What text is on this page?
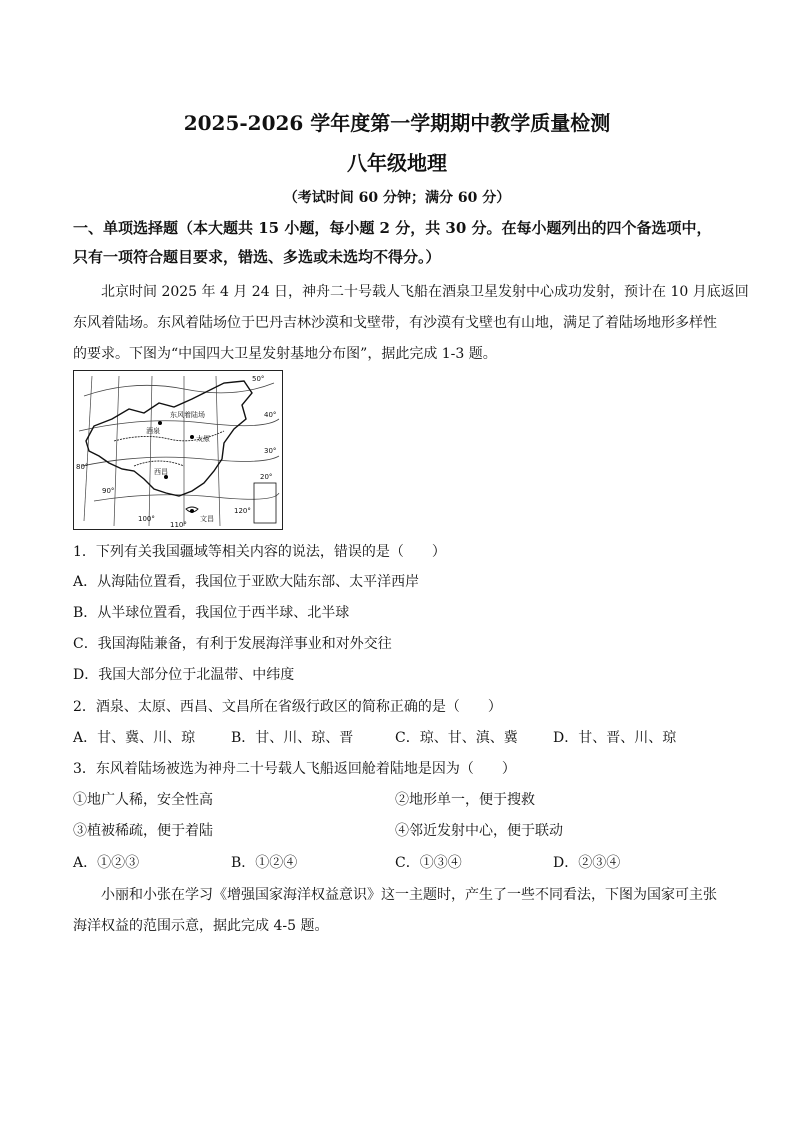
2025-2026 学年度第一学期期中教学质量检测
八年级地理
（考试时间 60 分钟；满分 60 分）
一、单项选择题（本大题共 15 小题，每小题 2 分，共 30 分。在每小题列出的四个备选项中，
只有一项符合题目要求，错选、多选或未选均不得分。）
北京时间 2025 年 4 月 24 日，神舟二十号载人飞船在酒泉卫星发射中心成功发射，预计在 10 月底返回
东风着陆场。东风着陆场位于巴丹吉林沙漠和戈壁带，有沙漠有戈壁也有山地，满足了着陆场地形多样性
的要求。下图为“中国四大卫星发射基地分布图”，据此完成 1-3 题。
东风着陆场
酒泉
太原
西昌
文昌
50°
80°
90°
100°
110°
120°
40°
30°
20°
1．下列有关我国疆域等相关内容的说法，错误的是（　　）
A．从海陆位置看，我国位于亚欧大陆东部、太平洋西岸
B．从半球位置看，我国位于西半球、北半球
C．我国海陆兼备，有利于发展海洋事业和对外交往
D．我国大部分位于北温带、中纬度
2．酒泉、太原、西昌、文昌所在省级行政区的简称正确的是（　　）
A．甘、冀、川、琼	B．甘、川、琼、晋	C．琼、甘、滇、冀	D．甘、晋、川、琼
3．东风着陆场被选为神舟二十号载人飞船返回舱着陆地是因为（　　）
①地广人稀，安全性高	②地形单一，便于搜救
③植被稀疏，便于着陆	④邻近发射中心，便于联动
A．①②③	B．①②④	C．①③④	D．②③④
小丽和小张在学习《增强国家海洋权益意识》这一主题时，产生了一些不同看法，下图为国家可主张
海洋权益的范围示意，据此完成 4-5 题。
